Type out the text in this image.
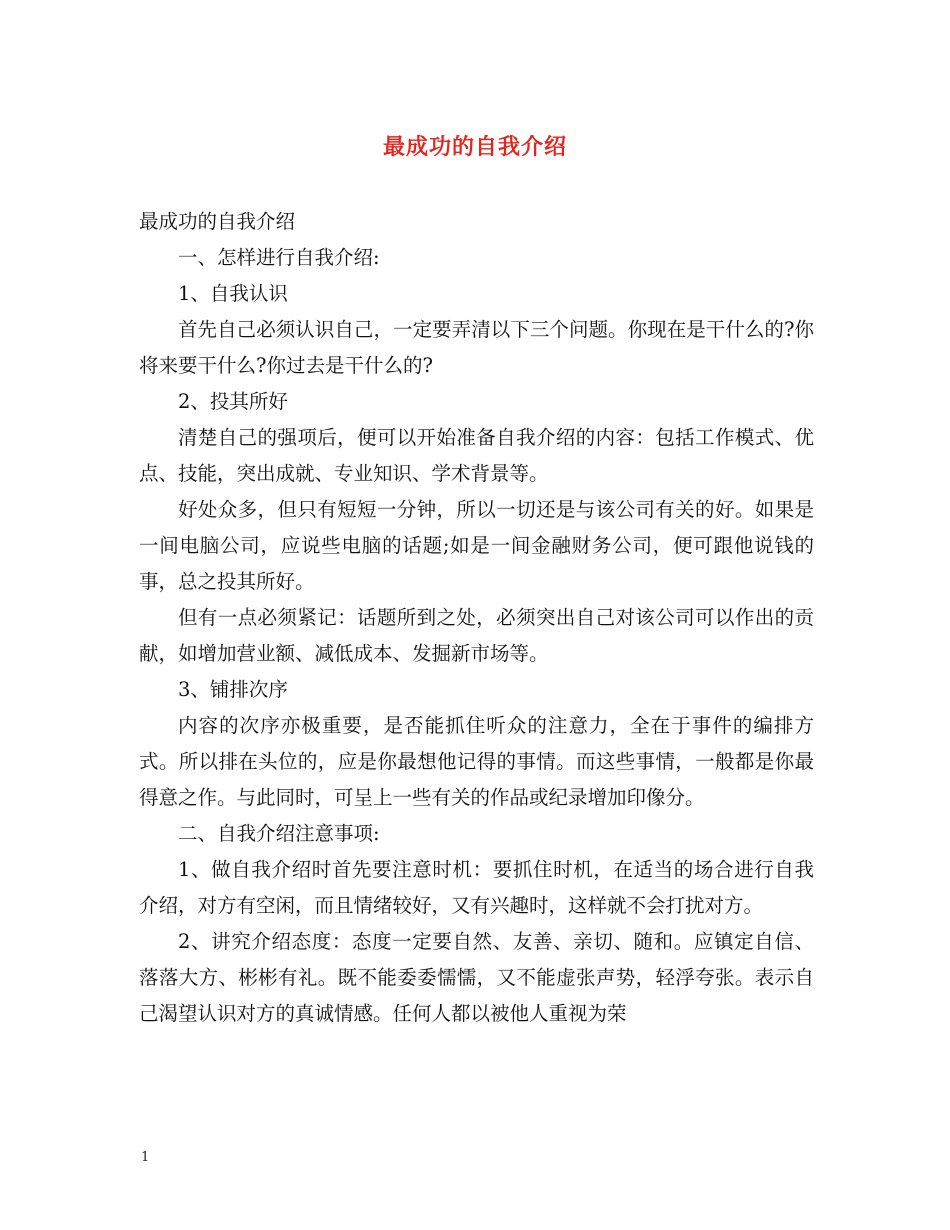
最成功的自我介绍

最成功的自我介绍

一、怎样进行自我介绍:

1、自我认识

首先自己必须认识自己，一定要弄清以下三个问题。你现在是干什么的?你将来要干什么?你过去是干什么的?

2、投其所好

清楚自己的强项后，便可以开始准备自我介绍的内容：包括工作模式、优点、技能，突出成就、专业知识、学术背景等。

好处众多，但只有短短一分钟，所以一切还是与该公司有关的好。如果是一间电脑公司，应说些电脑的话题;如是一间金融财务公司，便可跟他说钱的事，总之投其所好。

但有一点必须紧记：话题所到之处，必须突出自己对该公司可以作出的贡献，如增加营业额、减低成本、发掘新市场等。

3、铺排次序

内容的次序亦极重要，是否能抓住听众的注意力，全在于事件的编排方式。所以排在头位的，应是你最想他记得的事情。而这些事情，一般都是你最得意之作。与此同时，可呈上一些有关的作品或纪录增加印像分。

二、自我介绍注意事项:

1、做自我介绍时首先要注意时机：要抓住时机，在适当的场合进行自我介绍，对方有空闲，而且情绪较好，又有兴趣时，这样就不会打扰对方。

2、讲究介绍态度：态度一定要自然、友善、亲切、随和。应镇定自信、落落大方、彬彬有礼。既不能委委懦懦，又不能虚张声势，轻浮夸张。表示自己渴望认识对方的真诚情感。任何人都以被他人重视为荣

1
